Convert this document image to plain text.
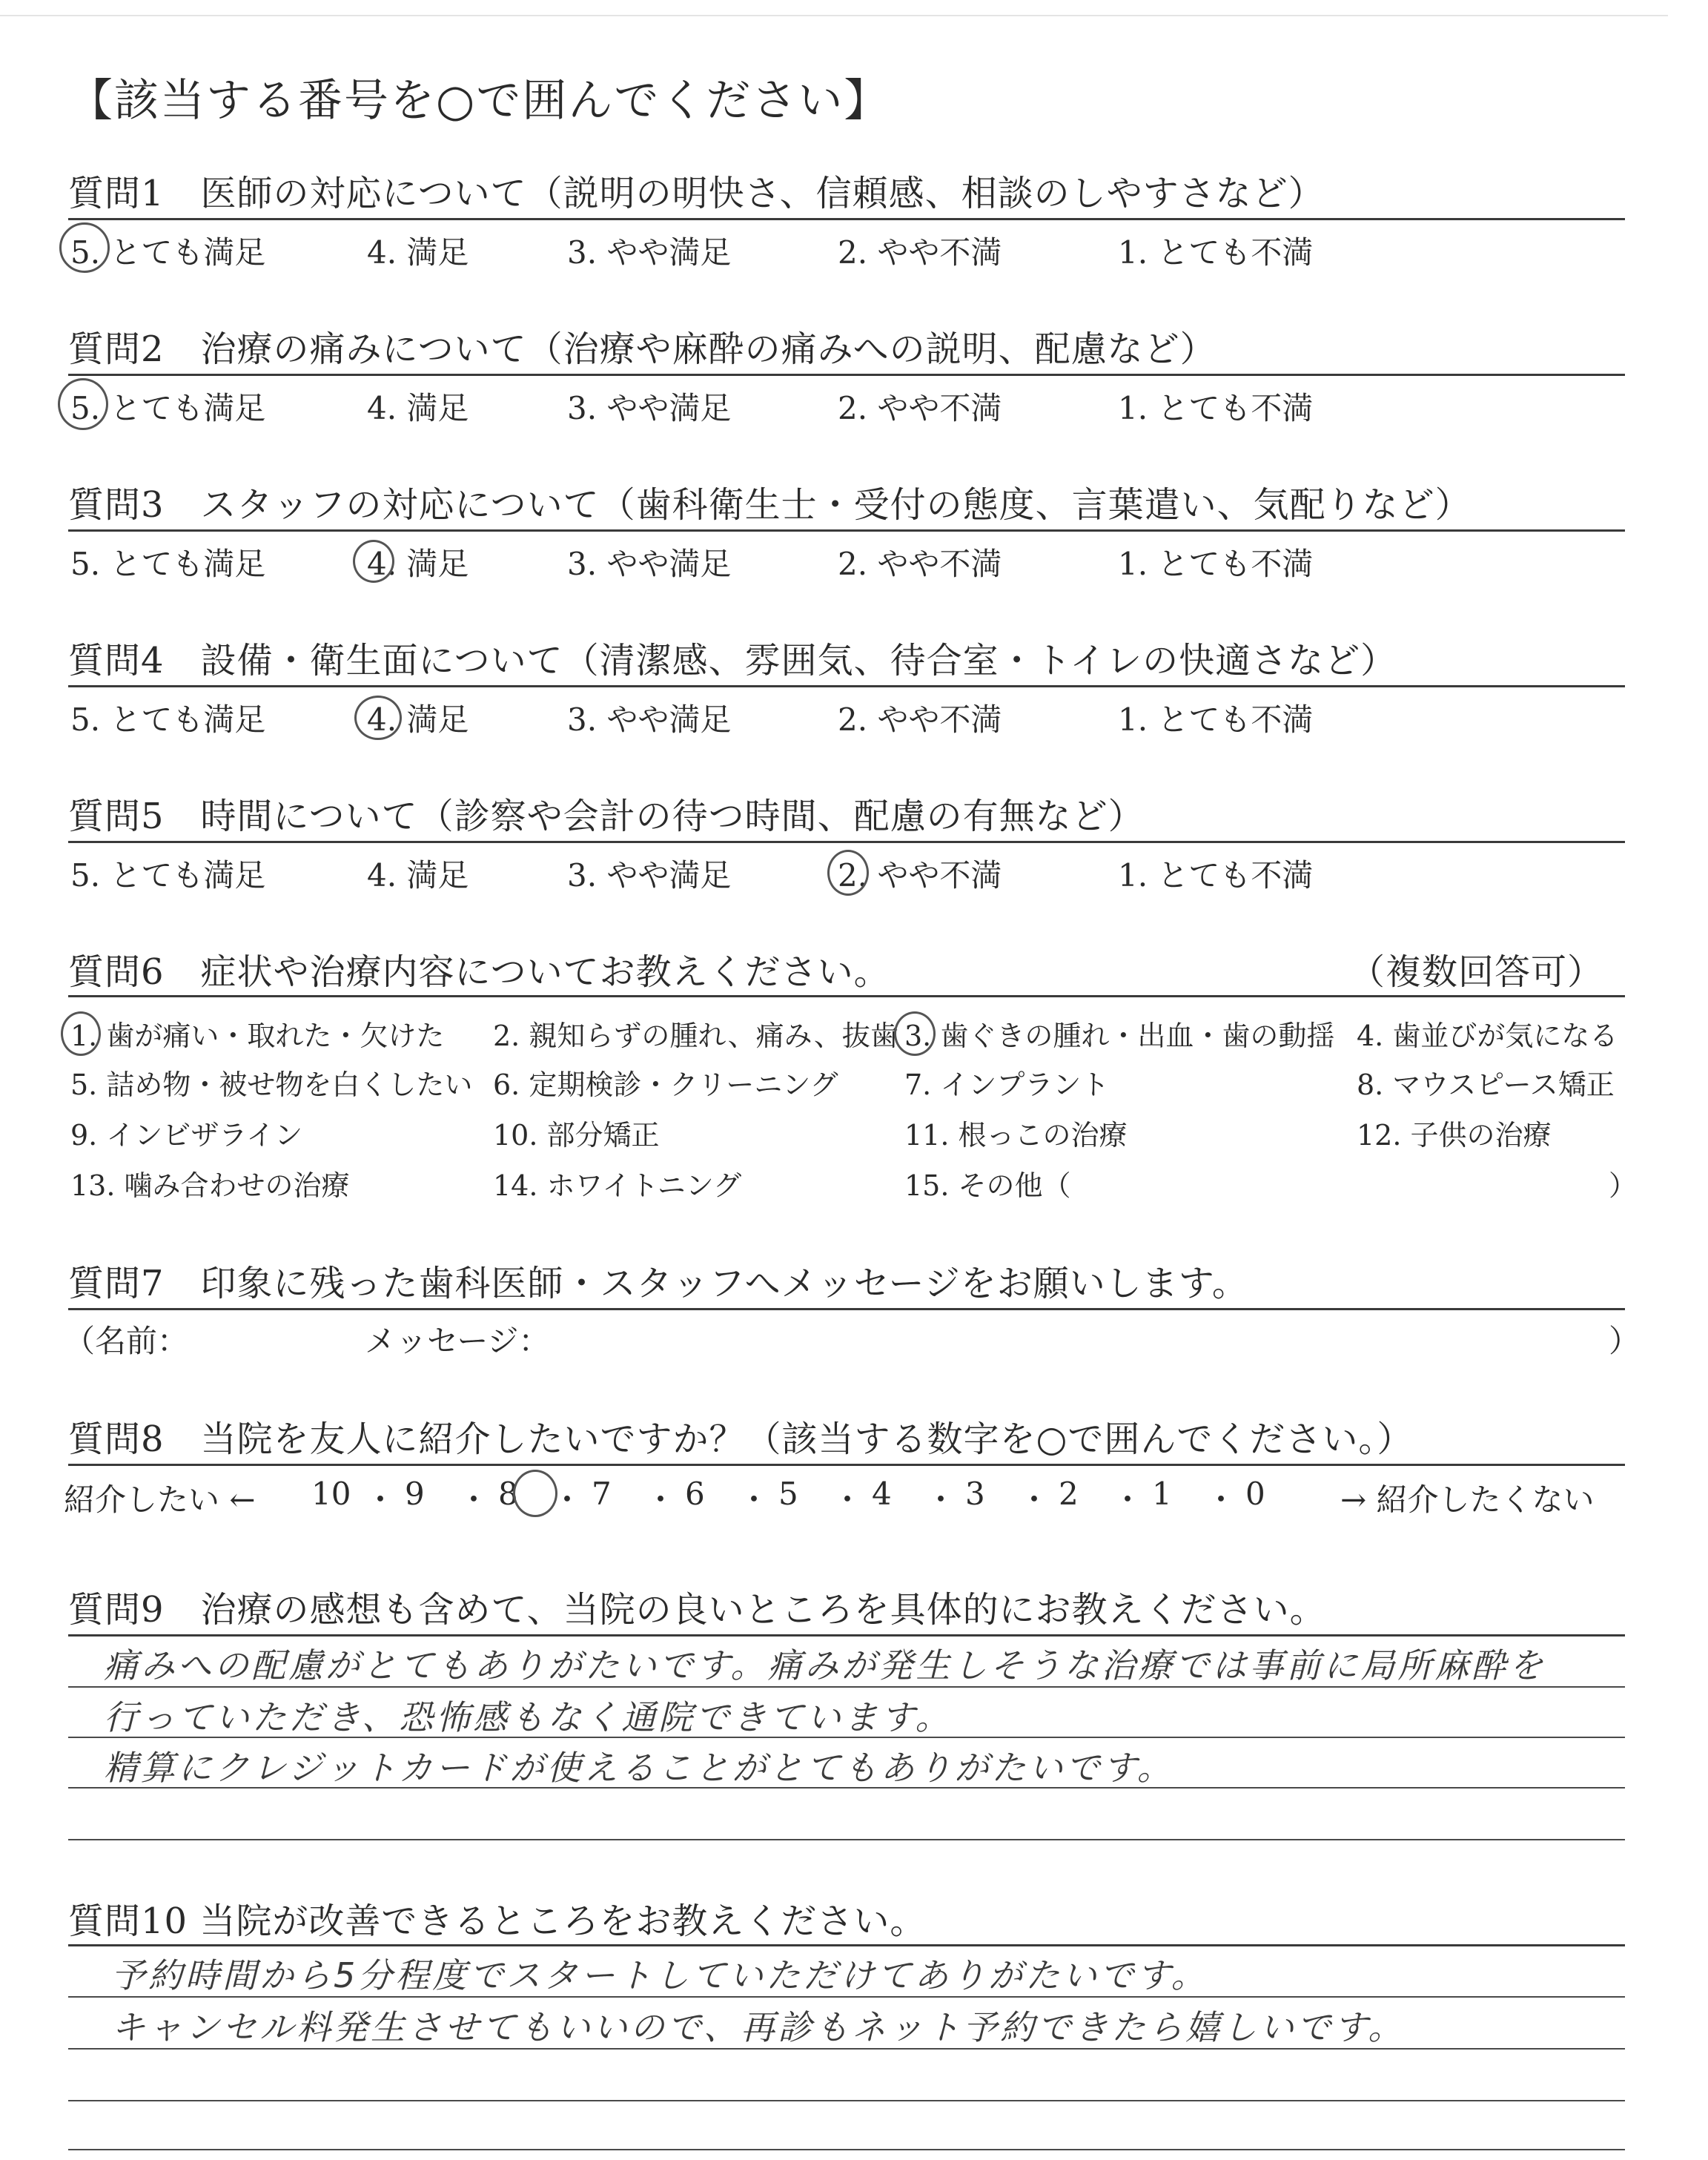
【該当する番号を○で囲んでください】
質問1　医師の対応について（説明の明快さ、信頼感、相談のしやすさなど）
5. とても満足	4. 満足	3. やや満足	2. やや不満	1. とても不満
質問2　治療の痛みについて（治療や麻酔の痛みへの説明、配慮など）
5. とても満足	4. 満足	3. やや満足	2. やや不満	1. とても不満
質問3　スタッフの対応について（歯科衛生士・受付の態度、言葉遣い、気配りなど）
5. とても満足	4. 満足	3. やや満足	2. やや不満	1. とても不満
質問4　設備・衛生面について（清潔感、雰囲気、待合室・トイレの快適さなど）
5. とても満足	4. 満足	3. やや満足	2. やや不満	1. とても不満
質問5　時間について（診察や会計の待つ時間、配慮の有無など）
5. とても満足	4. 満足	3. やや満足	2. やや不満	1. とても不満
質問6　症状や治療内容についてお教えください。	（複数回答可）
1. 歯が痛い・取れた・欠けた 2. 親知らずの腫れ、痛み、抜歯 3. 歯ぐきの腫れ・出血・歯の動揺 4. 歯並びが気になる
5. 詰め物・被せ物を白くしたい 6. 定期検診・クリーニング 7. インプラント	8. マウスピース矯正
9. インビザライン	10. 部分矯正	11. 根っこの治療	12. 子供の治療
13. 噛み合わせの治療	14. ホワイトニング	15. その他（	）
質問7　印象に残った歯科医師・スタッフへメッセージをお願いします。
（名前：	メッセージ：	）
質問8　当院を友人に紹介したいですか？（該当する数字を○で囲んでください。）
紹介したい ←	→ 紹介したくない
10 ・ 9 ・ 8 ・ 7 ・ 6 ・ 5 ・ 4 ・ 3 ・ 2 ・ 1 ・ 0
質問9　治療の感想も含めて、当院の良いところを具体的にお教えください。
痛みへの配慮がとてもありがたいです。痛みが発生しそうな治療では事前に局所麻酔を
行っていただき、恐怖感もなく通院できています。
精算にクレジットカードが使えることがとてもありがたいです。
質問10 当院が改善できるところをお教えください。
予約時間から5分程度でスタートしていただけてありがたいです。
キャンセル料発生させてもいいので、再診もネット予約できたら嬉しいです。
